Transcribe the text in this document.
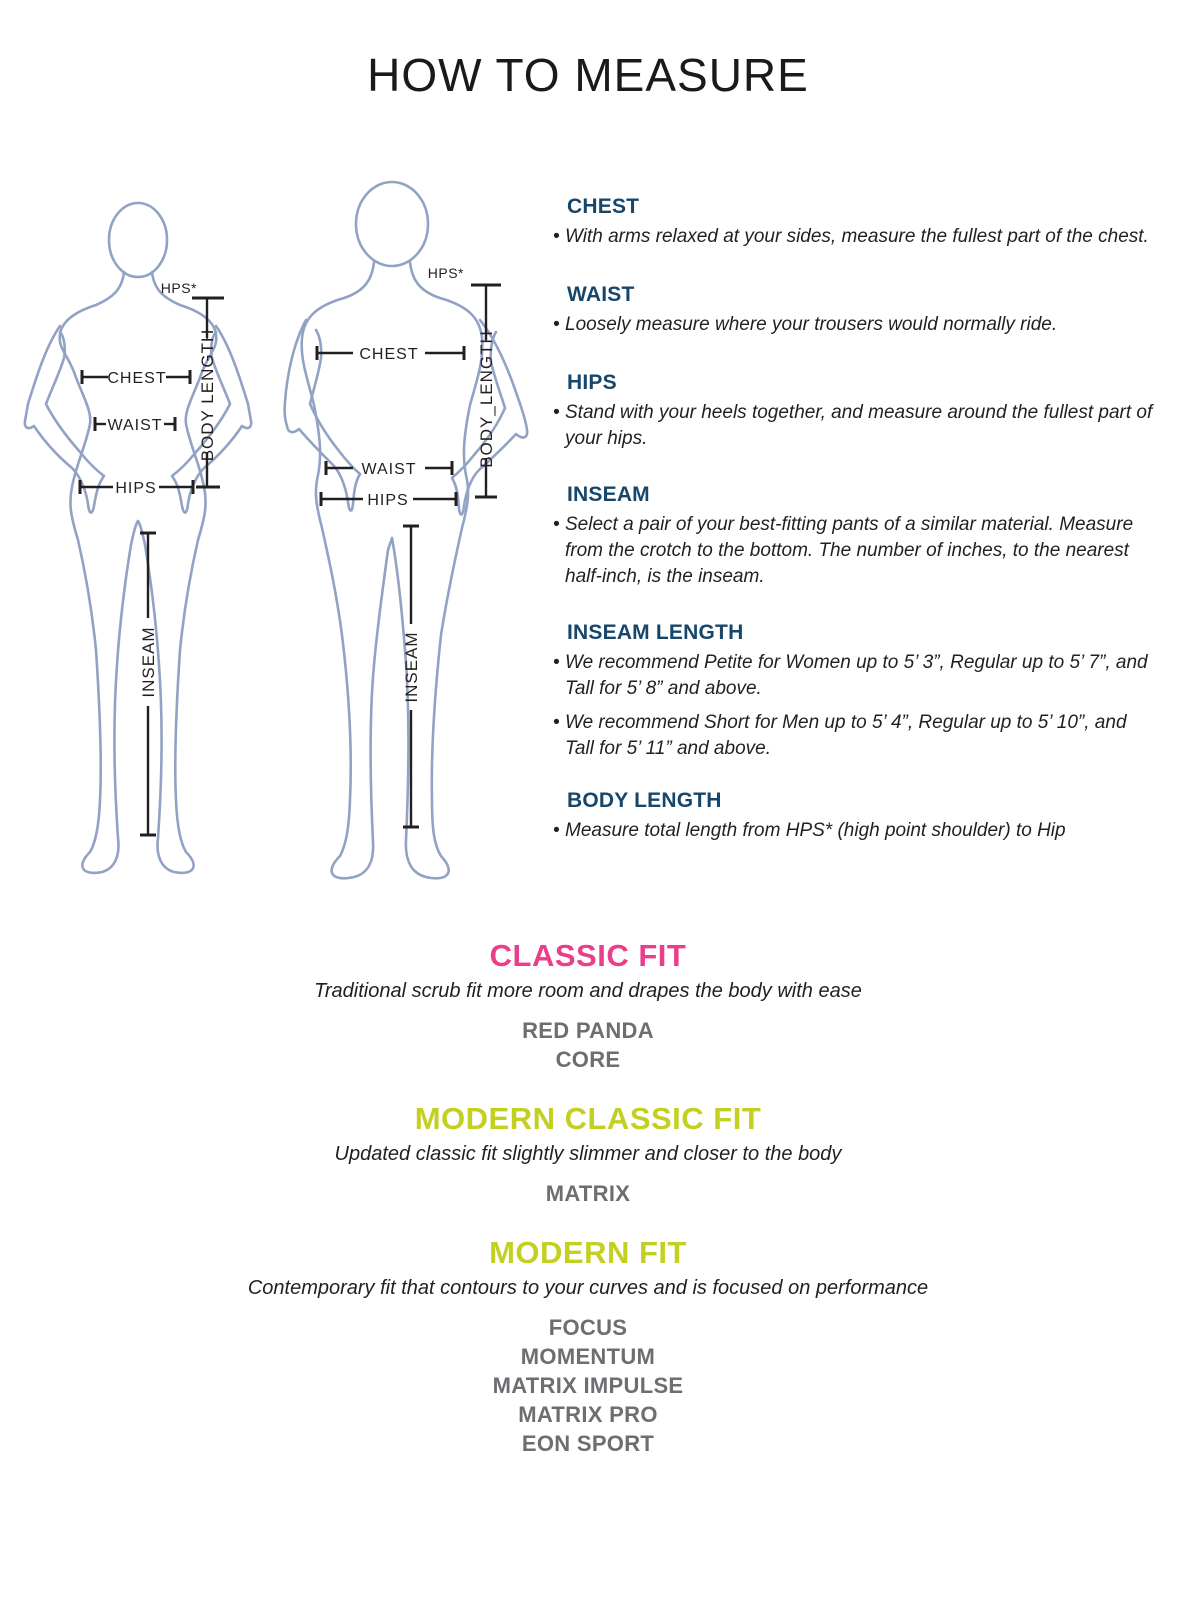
HOW TO MEASURE
HPS*
BODY LENGTH
CHEST
WAIST
HIPS
INSEAM
HPS*
BODY_LENGTH
CHEST
WAIST
HIPS
INSEAM
CHEST
• With arms relaxed at your sides, measure the fullest part of the chest.
WAIST
• Loosely measure where your trousers would normally ride.
HIPS
• Stand with your heels together, and measure around the fullest part of your hips.
INSEAM
• Select a pair of your best-fitting pants of a similar material. Measure from the crotch to the bottom. The number of inches, to the nearest half-inch, is the inseam.
INSEAM LENGTH
• We recommend Petite for Women up to 5’ 3”, Regular up to 5’ 7”, and Tall for 5’ 8” and above.
• We recommend Short for Men up to 5’ 4”, Regular up to 5’ 10”, and Tall for 5’ 11” and above.
BODY LENGTH
• Measure total length from HPS* (high point shoulder) to Hip
CLASSIC FIT
Traditional scrub fit more room and drapes the body with ease
RED PANDA
CORE
MODERN CLASSIC FIT
Updated classic fit slightly slimmer and closer to the body
MATRIX
MODERN FIT
Contemporary fit that contours to your curves and is focused on performance
FOCUS
MOMENTUM
MATRIX IMPULSE
MATRIX PRO
EON SPORT
